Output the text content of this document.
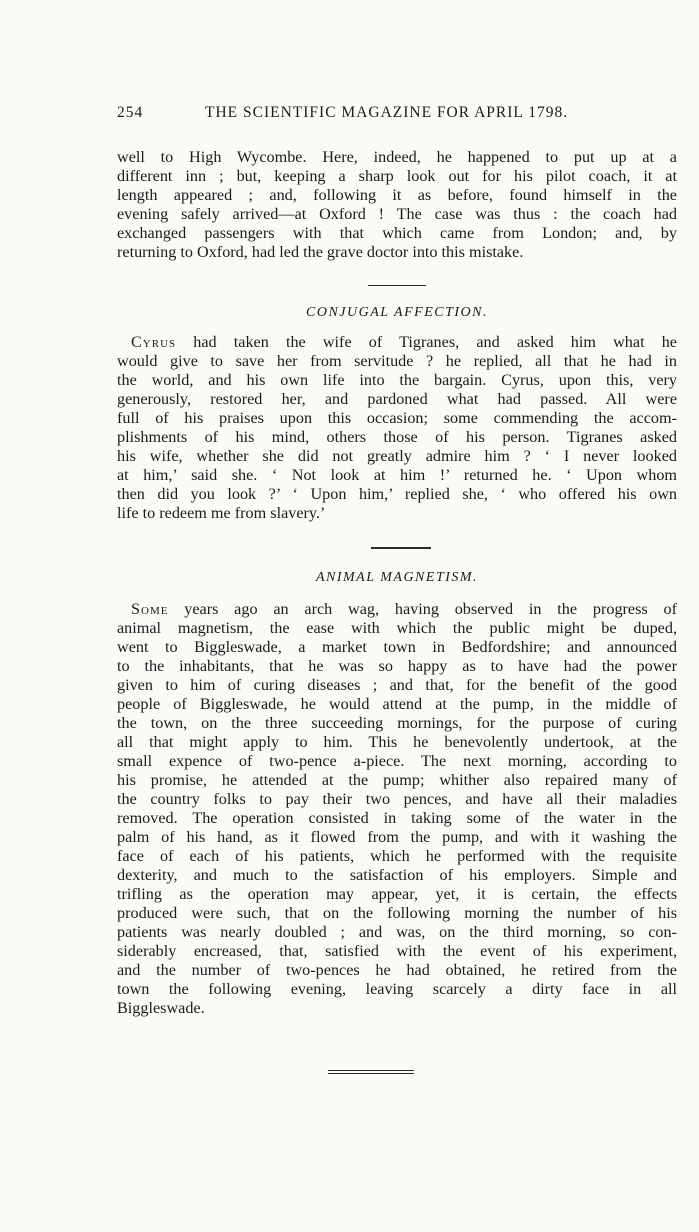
254	THE SCIENTIFIC MAGAZINE FOR APRIL 1798.
well to High Wycombe. Here, indeed, he happened to put up at a
different inn ; but, keeping a sharp look out for his pilot coach, it at
length appeared ; and, following it as before, found himself in the
evening safely arrived—at Oxford ! The case was thus : the coach had
exchanged passengers with that which came from London; and, by
returning to Oxford, had led the grave doctor into this mistake.
CONJUGAL AFFECTION.
Cyrus had taken the wife of Tigranes, and asked him what he
would give to save her from servitude ? he replied, all that he had in
the world, and his own life into the bargain. Cyrus, upon this, very
generously, restored her, and pardoned what had passed. All were
full of his praises upon this occasion; some commending the accom-
plishments of his mind, others those of his person. Tigranes asked
his wife, whether she did not greatly admire him ? ‘ I never looked
at him,’ said she. ‘ Not look at him !’ returned he. ‘ Upon whom
then did you look ?’ ‘ Upon him,’ replied she, ‘ who offered his own
life to redeem me from slavery.’
ANIMAL MAGNETISM.
Some years ago an arch wag, having observed in the progress of
animal magnetism, the ease with which the public might be duped,
went to Biggleswade, a market town in Bedfordshire; and announced
to the inhabitants, that he was so happy as to have had the power
given to him of curing diseases ; and that, for the benefit of the good
people of Biggleswade, he would attend at the pump, in the middle of
the town, on the three succeeding mornings, for the purpose of curing
all that might apply to him. This he benevolently undertook, at the
small expence of two-pence a-piece. The next morning, according to
his promise, he attended at the pump; whither also repaired many of
the country folks to pay their two pences, and have all their maladies
removed. The operation consisted in taking some of the water in the
palm of his hand, as it flowed from the pump, and with it washing the
face of each of his patients, which he performed with the requisite
dexterity, and much to the satisfaction of his employers. Simple and
trifling as the operation may appear, yet, it is certain, the effects
produced were such, that on the following morning the number of his
patients was nearly doubled ; and was, on the third morning, so con-
siderably encreased, that, satisfied with the event of his experiment,
and the number of two-pences he had obtained, he retired from the
town the following evening, leaving scarcely a dirty face in all
Biggleswade.
